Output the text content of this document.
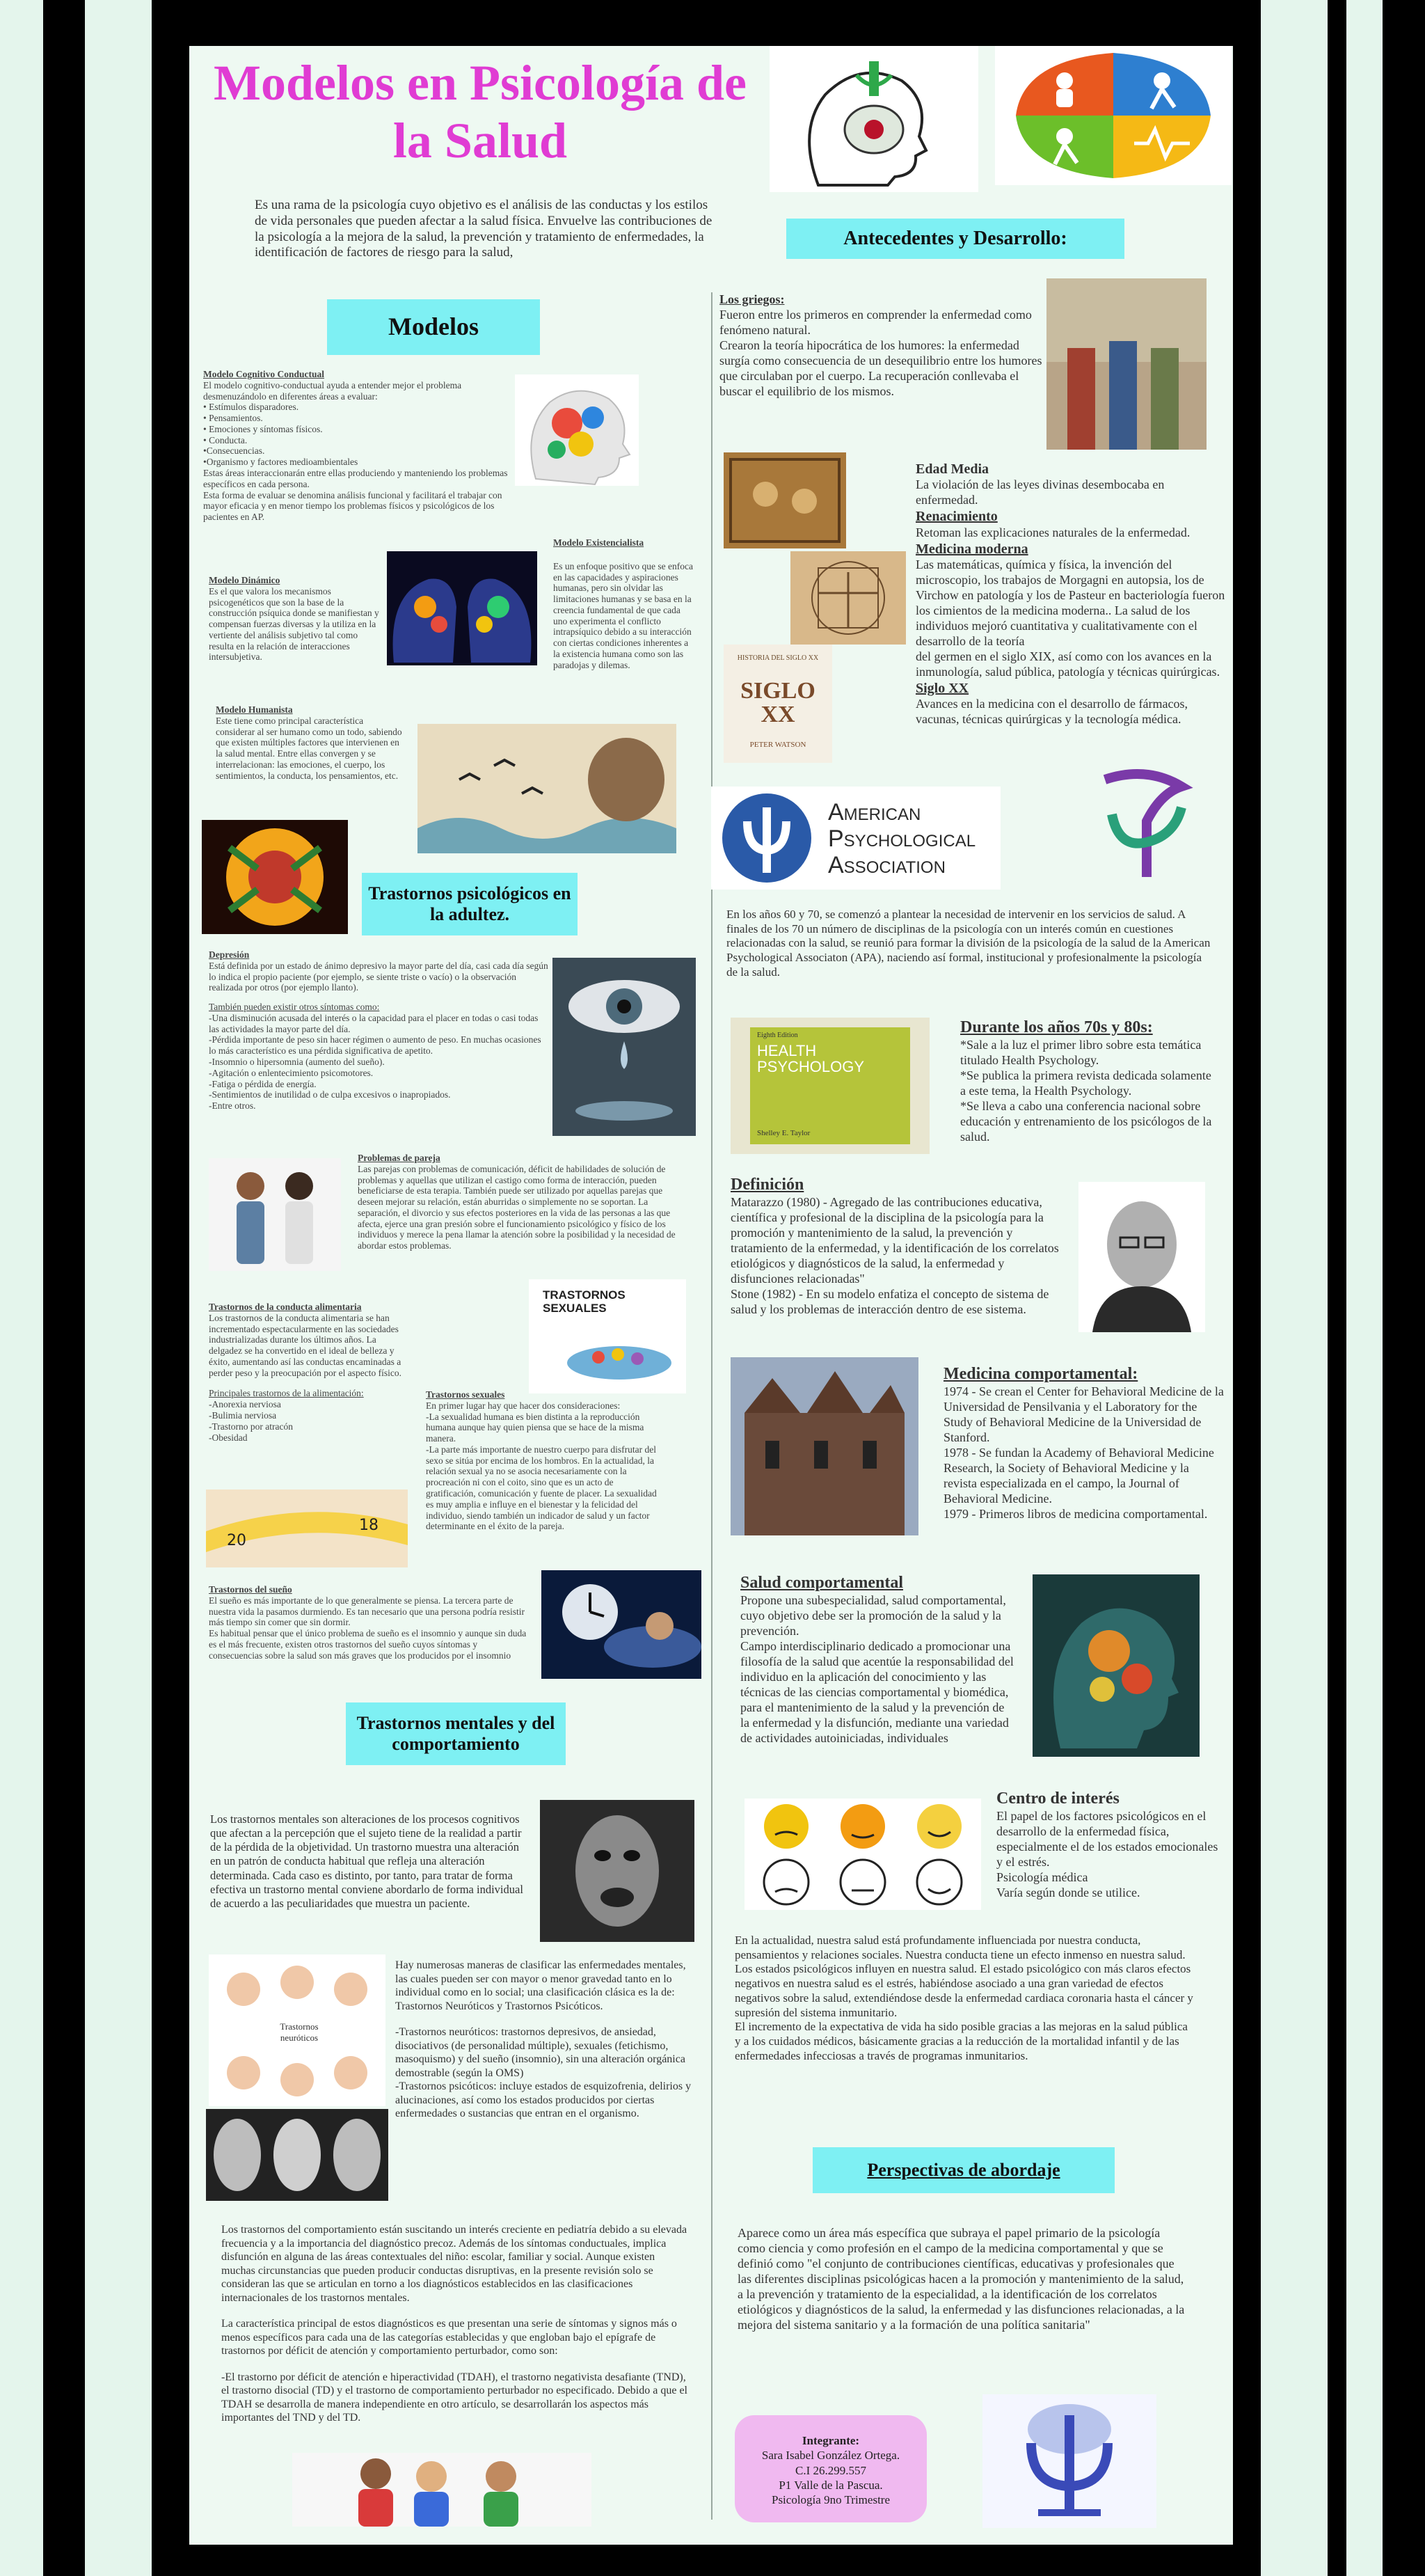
Modelos en Psicología de la Salud
Es una rama de la psicología cuyo objetivo es el análisis de las conductas y los estilos de vida personales que pueden afectar a la salud física. Envuelve las contribuciones de la psicología a la mejora de la salud, la prevención y tratamiento de enfermedades, la identificación de factores de riesgo para la salud,
Antecedentes y Desarrollo:
Modelos
Trastornos psicológicos en la adultez.
Trastornos mentales y del comportamiento
Perspectivas de abordaje

Modelo Cognitivo Conductual

El modelo cognitivo-conductual ayuda a entender mejor el problema desmenuzándolo en diferentes áreas a evaluar:
• Estímulos disparadores.
• Pensamientos.
• Emociones y síntomas físicos.
• Conducta.
•Consecuencias.
•Organismo y factores medioambientales
Estas áreas interaccionarán entre ellas produciendo y manteniendo los problemas específicos en cada persona.
Esta forma de evaluar se denomina análisis funcional y facilitará el trabajar con mayor eficacia y en menor tiempo los problemas físicos y psicológicos de los pacientes en AP.

Modelo Existencialista

Es un enfoque positivo que se enfoca en las capacidades y aspiraciones humanas, pero sin olvidar las limitaciones humanas y se basa en la creencia fundamental de que cada uno experimenta el conflicto intrapsíquico debido a su interacción con ciertas condiciones inherentes a la existencia humana como son las paradojas y dilemas.

Modelo Dinámico

Es el que valora los mecanismos psicogenéticos que son la base de la construcción psíquica donde se manifiestan y compensan fuerzas diversas y la utiliza en la vertiente del análisis subjetivo tal como resulta en la relación de interacciones intersubjetiva.

Modelo Humanista

Este tiene como principal característica considerar al ser humano como un todo, sabiendo que existen múltiples factores que intervienen en la salud mental. Entre ellas convergen y se interrelacionan: las emociones, el cuerpo, los sentimientos, la conducta, los pensamientos, etc.

Depresión

Está definida por un estado de ánimo depresivo la mayor parte del día, casi cada día según lo indica el propio paciente (por ejemplo, se siente triste o vacío) o la observación realizada por otros (por ejemplo llanto).

También pueden existir otros síntomas como:

-Una disminución acusada del interés o la capacidad para el placer en todas o casi todas las actividades la mayor parte del día.
-Pérdida importante de peso sin hacer régimen o aumento de peso. En muchas ocasiones lo más característico es una pérdida significativa de apetito.
-Insomnio o hipersomnia (aumento del sueño).
-Agitación o enlentecimiento psicomotores.
-Fatiga o pérdida de energía.
-Sentimientos de inutilidad o de culpa excesivos o inapropiados.
-Entre otros.

Problemas de pareja

Las parejas con problemas de comunicación, déficit de habilidades de solución de problemas y aquellas que utilizan el castigo como forma de interacción, pueden beneficiarse de esta terapia. También puede ser utilizado por aquellas parejas que deseen mejorar su relación, están aburridas o simplemente no se soportan. La separación, el divorcio y sus efectos posteriores en la vida de las personas a las que afecta, ejerce una gran presión sobre el funcionamiento psicológico y físico de los individuos y merece la pena llamar la atención sobre la posibilidad y la necesidad de abordar estos problemas.

Trastornos de la conducta alimentaria

Los trastornos de la conducta alimentaria se han incrementado espectacularmente en las sociedades industrializadas durante los últimos años. La delgadez se ha convertido en el ideal de belleza y éxito, aumentando así las conductas encaminadas a perder peso y la preocupación por el aspecto físico.

Principales trastornos de la alimentación:

-Anorexia nerviosa
-Bulimia nerviosa
-Trastorno por atracón
-Obesidad

TRASTORNOS SEXUALES

Trastornos sexuales

En primer lugar hay que hacer dos consideraciones:
-La sexualidad humana es bien distinta a la reproducción humana aunque hay quien piensa que se hace de la misma manera.
-La parte más importante de nuestro cuerpo para disfrutar del sexo se sitúa por encima de los hombros. En la actualidad, la relación sexual ya no se asocia necesariamente con la procreación ni con el coito, sino que es un acto de gratificación, comunicación y fuente de placer. La sexualidad es muy amplia e influye en el bienestar y la felicidad del individuo, siendo también un indicador de salud y un factor determinante en el éxito de la pareja.

20
18

Trastornos del sueño

El sueño es más importante de lo que generalmente se piensa. La tercera parte de nuestra vida la pasamos durmiendo. Es tan necesario que una persona podría resistir más tiempo sin comer que sin dormir.
Es habitual pensar que el único problema de sueño es el insomnio y aunque sin duda es el más frecuente, existen otros trastornos del sueño cuyos síntomas y consecuencias sobre la salud son más graves que los producidos por el insomnio

Los trastornos mentales son alteraciones de los procesos cognitivos que afectan a la percepción que el sujeto tiene de la realidad a partir de la pérdida de la objetividad. Un trastorno muestra una alteración en un patrón de conducta habitual que refleja una alteración determinada. Cada caso es distinto, por tanto, para tratar de forma efectiva un trastorno mental conviene abordarlo de forma individual de acuerdo a las peculiaridades que muestra un paciente.
Trastornos neuróticos

Hay numerosas maneras de clasificar las enfermedades mentales, las cuales pueden ser con mayor o menor gravedad tanto en lo individual como en lo social; una clasificación clásica es la de: Trastornos Neuróticos y Trastornos Psicóticos.

-Trastornos neuróticos: trastornos depresivos, de ansiedad, disociativos (de personalidad múltiple), sexuales (fetichismo, masoquismo) y del sueño (insomnio), sin una alteración orgánica demostrable (según la OMS)
-Trastornos psicóticos: incluye estados de esquizofrenia, delirios y alucinaciones, así como los estados producidos por ciertas enfermedades o sustancias que entran en el organismo.

Los trastornos del comportamiento están suscitando un interés creciente en pediatría debido a su elevada frecuencia y a la importancia del diagnóstico precoz. Además de los síntomas conductuales, implica disfunción en alguna de las áreas contextuales del niño: escolar, familiar y social. Aunque existen muchas circunstancias que pueden producir conductas disruptivas, en la presente revisión solo se consideran las que se articulan en torno a los diagnósticos establecidos en las clasificaciones internacionales de los trastornos mentales.

La característica principal de estos diagnósticos es que presentan una serie de síntomas y signos más o menos específicos para cada una de las categorías establecidas y que engloban bajo el epígrafe de trastornos por déficit de atención y comportamiento perturbador, como son:

-El trastorno por déficit de atención e hiperactividad (TDAH), el trastorno negativista desafiante (TND), el trastorno disocial (TD) y el trastorno de comportamiento perturbador no especificado. Debido a que el TDAH se desarrolla de manera independiente en otro artículo, se desarrollarán los aspectos más importantes del TND y del TD.

Los griegos:

Fueron entre los primeros en comprender la enfermedad como fenómeno natural.
Crearon la teoría hipocrática de los humores: la enfermedad surgía como consecuencia de un desequilibrio entre los humores que circulaban por el cuerpo. La recuperación conllevaba el buscar el equilibrio de los mismos.

HISTORIA DEL SIGLO XX
SIGLO XX
PETER WATSON

Edad Media

La violación de las leyes divinas desembocaba en enfermedad.

Renacimiento

Retoman las explicaciones naturales de la enfermedad.

Medicina moderna

Las matemáticas, química y física, la invención del microscopio, los trabajos de Morgagni en autopsia, los de Virchow en patología y los de Pasteur en bacteriología fueron los cimientos de la medicina moderna.. La salud de los individuos mejoró cuantitativa y cualitativamente con el desarrollo de la teoría
del germen en el siglo XIX, así como con los avances en la inmunología, salud pública, patología y técnicas quirúrgicas.

Siglo XX

Avances en la medicina con el desarrollo de fármacos, vacunas, técnicas quirúrgicas y la tecnología médica.

American
Psychological
Association
En los años 60 y 70, se comenzó a plantear la necesidad de intervenir en los servicios de salud. A finales de los 70 un número de disciplinas de la psicología con un interés común en cuestiones relacionadas con la salud, se reunió para formar la división de la psicología de la salud de la American Psychological Associaton (APA), naciendo así formal, institucional y profesionalmente la psicología de la salud.
Eighth Edition
HEALTH PSYCHOLOGY
Shelley E. Taylor

Durante los años 70s y 80s:

*Sale a la luz el primer libro sobre esta temática titulado Health Psychology.
*Se publica la primera revista dedicada solamente a este tema, la Health Psychology.
*Se lleva a cabo una conferencia nacional sobre educación y entrenamiento de los psicólogos de la salud.

Definición

Matarazzo (1980) - Agregado de las contribuciones educativa, científica y profesional de la disciplina de la psicología para la promoción y mantenimiento de la salud, la prevención y tratamiento de la enfermedad, y la identificación de los correlatos etiológicos y diagnósticos de la salud, la enfermedad y disfunciones relacionadas"
Stone (1982) - En su modelo enfatiza el concepto de sistema de salud y los problemas de interacción dentro de ese sistema.

Medicina comportamental:

1974 - Se crean el Center for Behavioral Medicine de la Universidad de Pensilvania y el Laboratory for the Study of Behavioral Medicine de la Universidad de Stanford.
1978 - Se fundan la Academy of Behavioral Medicine Research, la Society of Behavioral Medicine y la revista especializada en el campo, la Journal of Behavioral Medicine.
1979 - Primeros libros de medicina comportamental.

Salud comportamental

Propone una subespecialidad, salud comportamental, cuyo objetivo debe ser la promoción de la salud y la prevención.
Campo interdisciplinario dedicado a promocionar una filosofía de la salud que acentúe la responsabilidad del individuo en la aplicación del conocimiento y las técnicas de las ciencias comportamental y biomédica, para el mantenimiento de la salud y la prevención de la enfermedad y la disfunción, mediante una variedad de actividades autoiniciadas, individuales

Centro de interés

El papel de los factores psicológicos en el desarrollo de la enfermedad física, especialmente el de los estados emocionales y el estrés.
Psicología médica
Varía según donde se utilice.

En la actualidad, nuestra salud está profundamente influenciada por nuestra conducta, pensamientos y relaciones sociales. Nuestra conducta tiene un efecto inmenso en nuestra salud. Los estados psicológicos influyen en nuestra salud. El estado psicológico con más claros efectos negativos en nuestra salud es el estrés, habiéndose asociado a una gran variedad de efectos negativos sobre la salud, extendiéndose desde la enfermedad cardiaca coronaria hasta el cáncer y supresión del sistema inmunitario.
El incremento de la expectativa de vida ha sido posible gracias a las mejoras en la salud pública y a los cuidados médicos, básicamente gracias a la reducción de la mortalidad infantil y de las enfermedades infecciosas a través de programas inmunitarios.
Aparece como un área más específica que subraya el papel primario de la psicología como ciencia y como profesión en el campo de la medicina comportamental y que se definió como "el conjunto de contribuciones científicas, educativas y profesionales que las diferentes disciplinas psicológicas hacen a la promoción y mantenimiento de la salud, a la prevención y tratamiento de la especialidad, a la identificación de los correlatos etiológicos y diagnósticos de la salud, la enfermedad y las disfunciones relacionadas, a la mejora del sistema sanitario y a la formación de una política sanitaria"

Integrante:

Sara Isabel González Ortega.

C.I 26.299.557

P1 Valle de la Pascua.

Psicología 9no Trimestre
